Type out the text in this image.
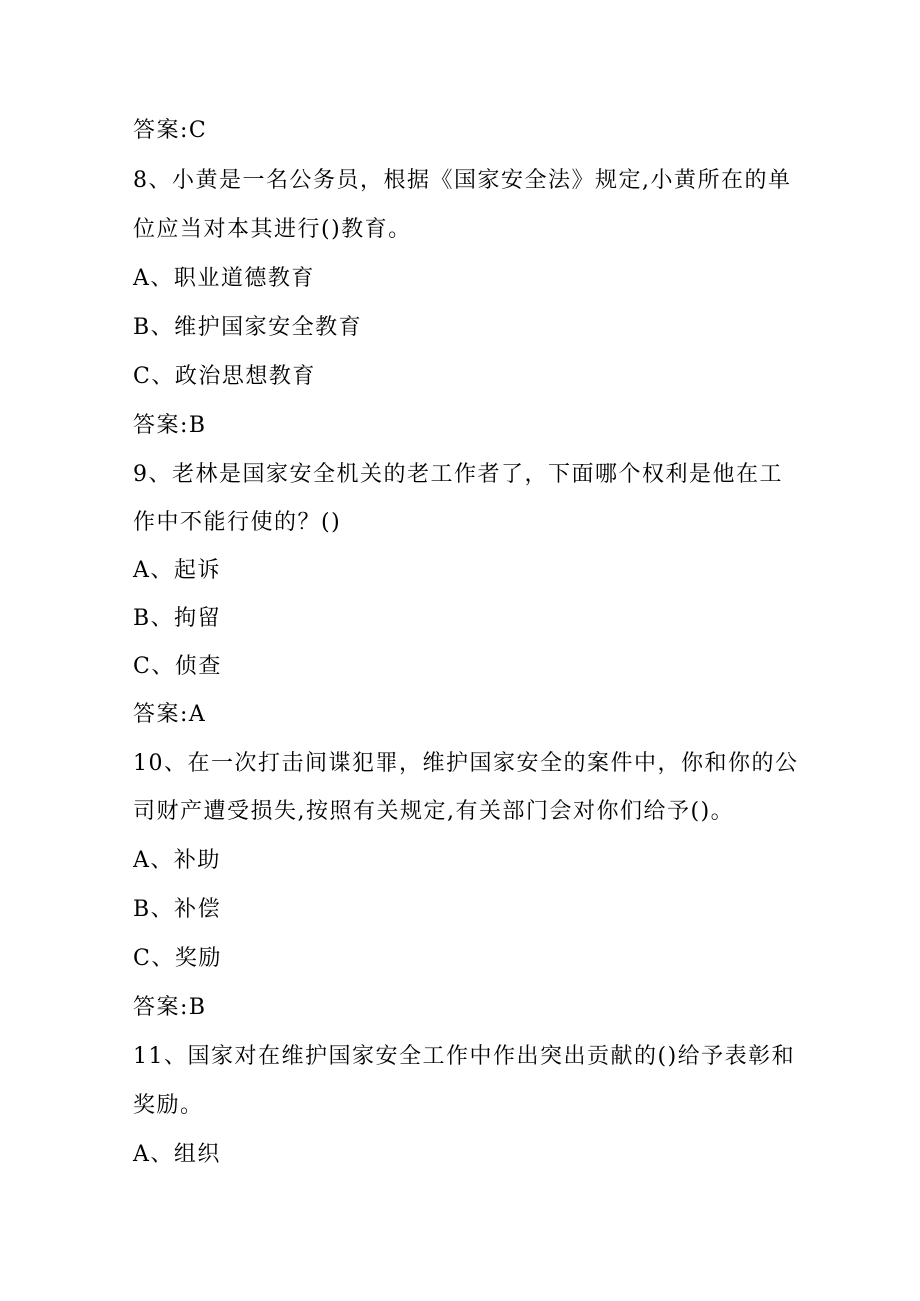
答案:C
8、小黄是一名公务员，根据《国家安全法》规定,小黄所在的单
位应当对本其进行()教育。
A、职业道德教育
B、维护国家安全教育
C、政治思想教育
答案:B
9、老林是国家安全机关的老工作者了，下面哪个权利是他在工
作中不能行使的？()
A、起诉
B、拘留
C、侦查
答案:A
10、在一次打击间谍犯罪，维护国家安全的案件中，你和你的公
司财产遭受损失,按照有关规定,有关部门会对你们给予()。
A、补助
B、补偿
C、奖励
答案:B
11、国家对在维护国家安全工作中作出突出贡献的()给予表彰和
奖励。
A、组织
